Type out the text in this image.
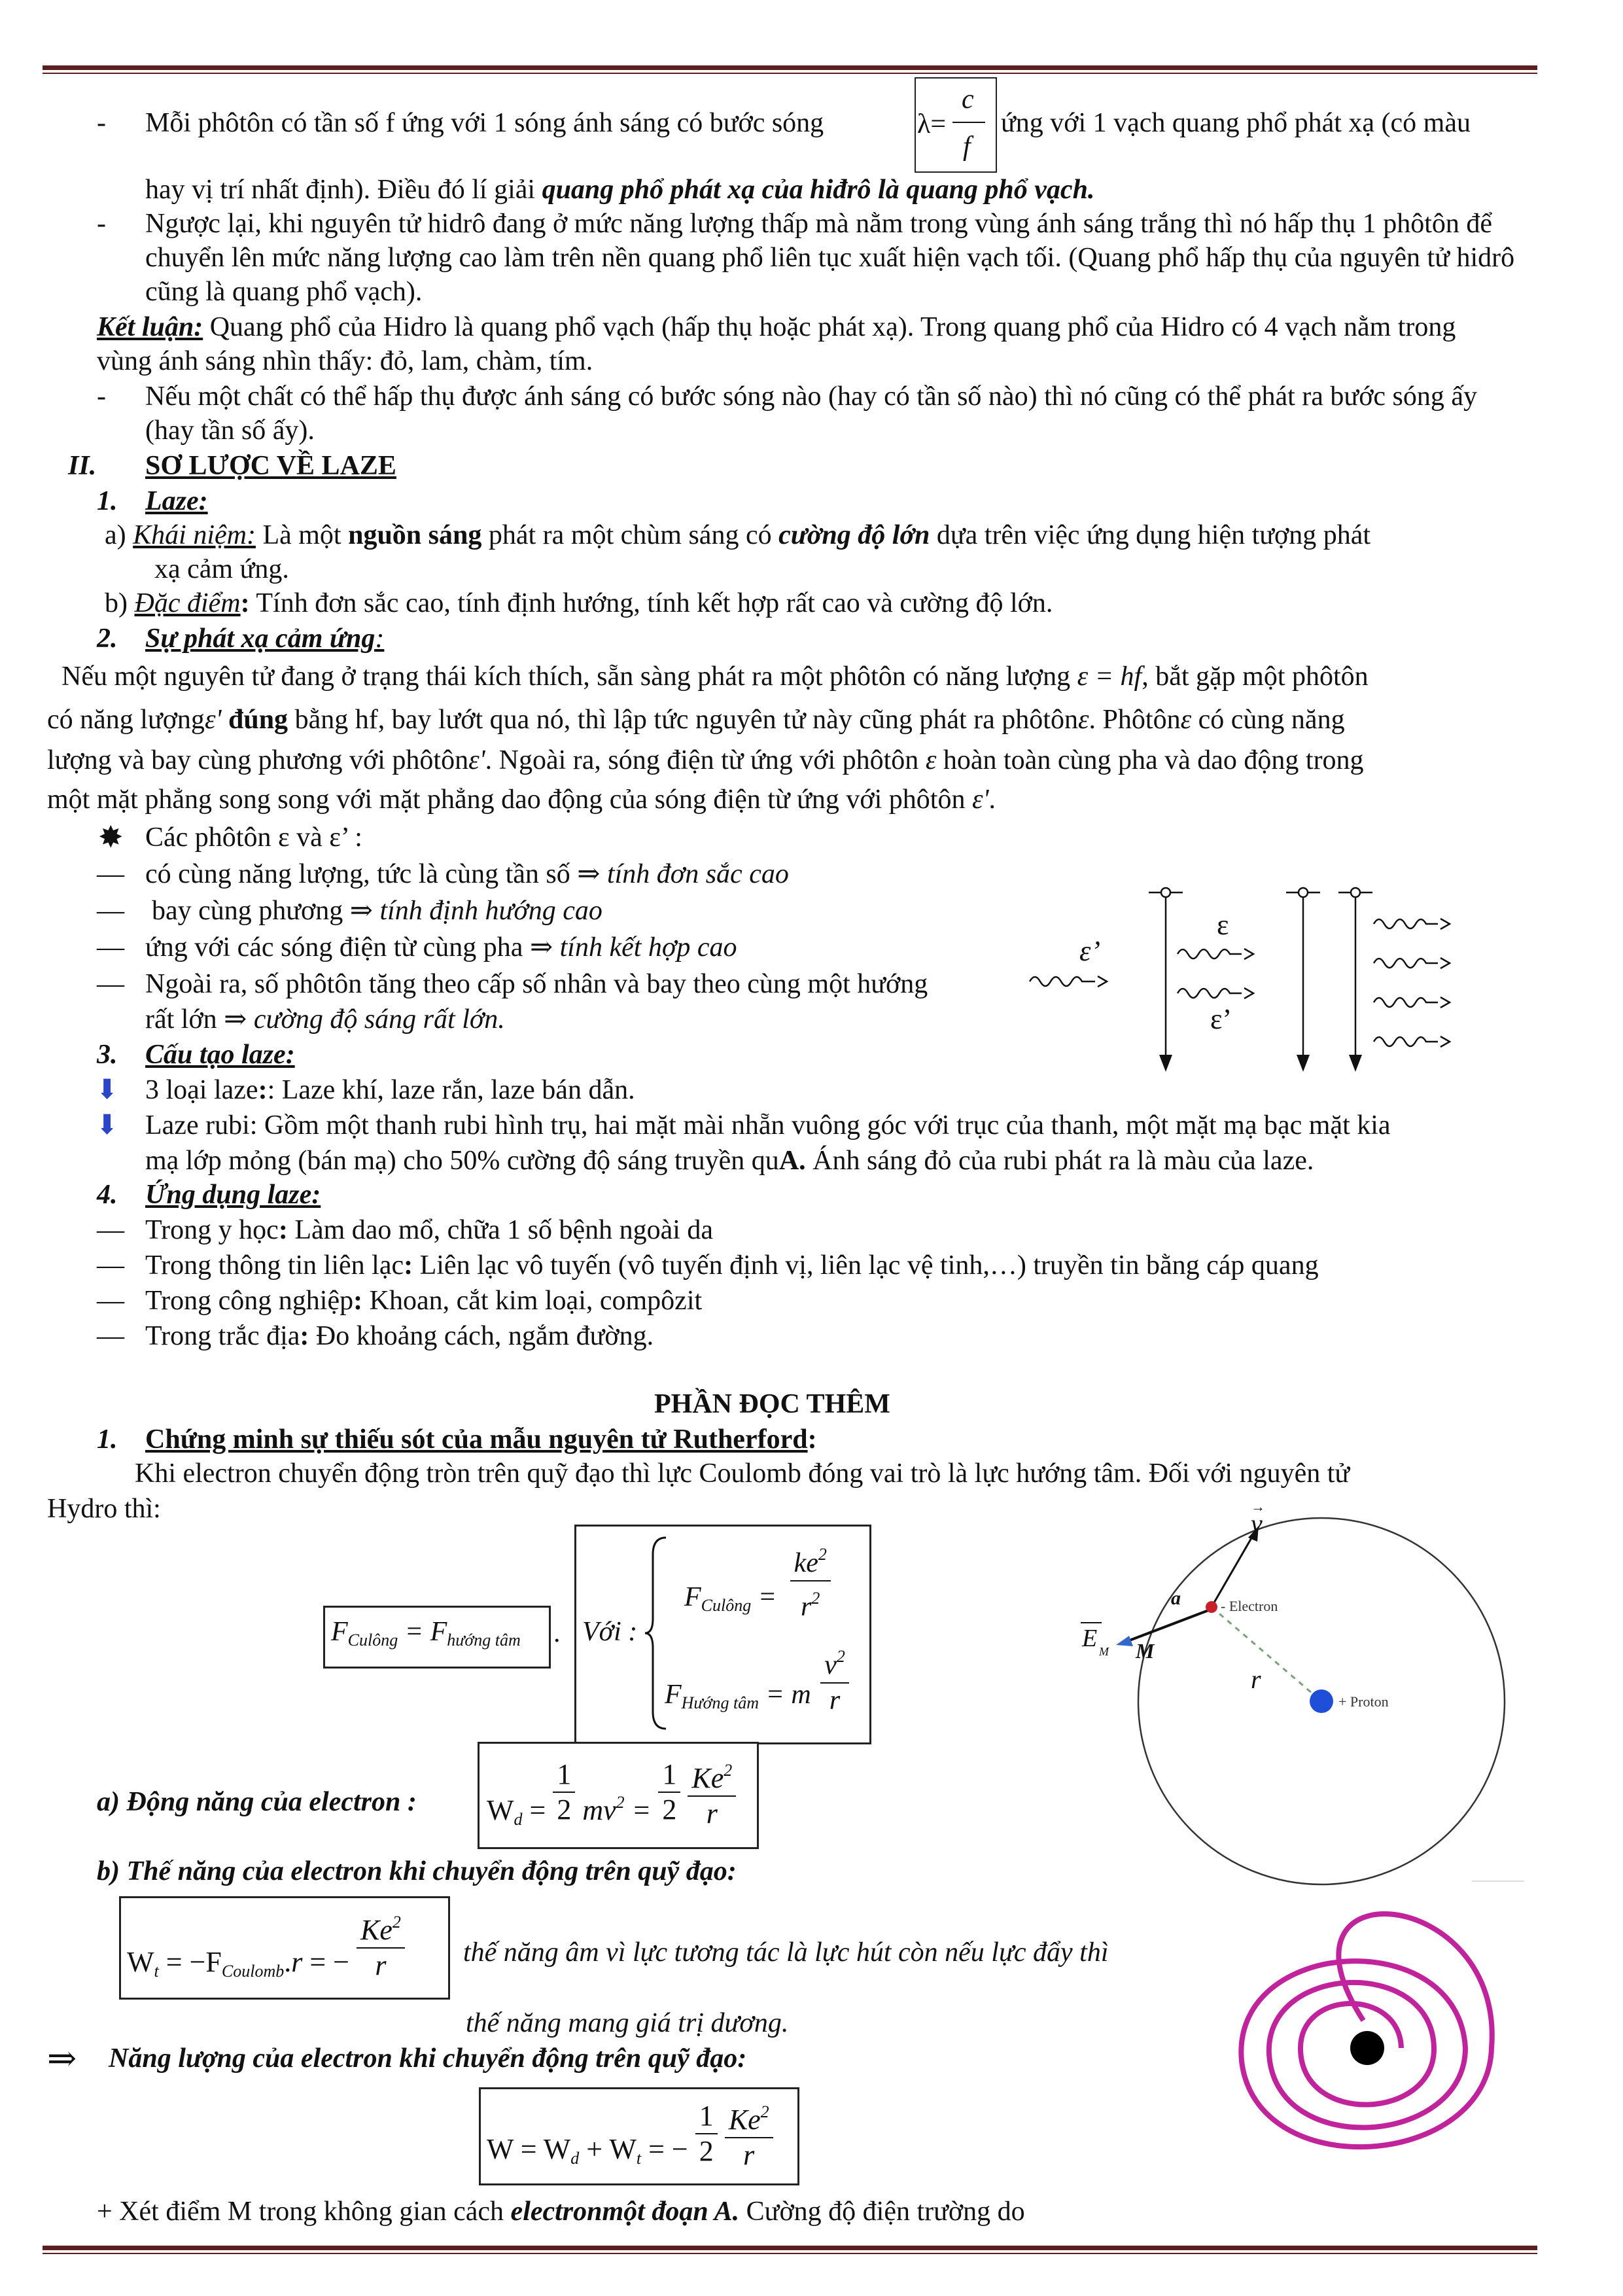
- Mỗi phôtôn có tần số f ứng với 1 sóng ánh sáng có bước sóng	λ=
c
f
ứng với 1 vạch quang phổ phát xạ (có màu
hay vị trí nhất định). Điều đó lí giải quang phổ phát xạ của hiđrô là quang phổ vạch.
- Ngược lại, khi nguyên tử hidrô đang ở mức năng lượng thấp mà nằm trong vùng ánh sáng trắng thì nó hấp thụ 1 phôtôn để chuyển lên mức năng lượng cao làm trên nền quang phổ liên tục xuất hiện vạch tối. (Quang phổ hấp thụ của nguyên tử hidrô cũng là quang phổ vạch).
Kết luận: Quang phổ của Hidro là quang phổ vạch (hấp thụ hoặc phát xạ). Trong quang phổ của Hidro có 4 vạch nằm trong vùng ánh sáng nhìn thấy: đỏ, lam, chàm, tím.
- Nếu một chất có thể hấp thụ được ánh sáng có bước sóng nào (hay có tần số nào) thì nó cũng có thể phát ra bước sóng ấy (hay tần số ấy).
II. SƠ LƯỢC VỀ LAZE
1. Laze:
a) Khái niệm: Là một nguồn sáng phát ra một chùm sáng có cường độ lớn dựa trên việc ứng dụng hiện tượng phát
xạ cảm ứng.
b) Đặc điểm: Tính đơn sắc cao, tính định hướng, tính kết hợp rất cao và cường độ lớn.
2. Sự phát xạ cảm ứng:
Nếu một nguyên tử đang ở trạng thái kích thích, sẵn sàng phát ra một phôtôn có năng lượng ε = hf, bắt gặp một phôtôn
có năng lượngε' đúng bằng hf, bay lướt qua nó, thì lập tức nguyên tử này cũng phát ra phôtônε. Phôtônε có cùng năng
lượng và bay cùng phương với phôtônε'. Ngoài ra, sóng điện từ ứng với phôtôn ε hoàn toàn cùng pha và dao động trong
một mặt phẳng song song với mặt phẳng dao động của sóng điện từ ứng với phôtôn ε'.
✸ Các phôtôn ε và ε’ :
— có cùng năng lượng, tức là cùng tần số ⇒ tính đơn sắc cao
— bay cùng phương ⇒ tính định hướng cao
— ứng với các sóng điện từ cùng pha ⇒ tính kết hợp cao
— Ngoài ra, số phôtôn tăng theo cấp số nhân và bay theo cùng một hướng
rất lớn ⇒ cường độ sáng rất lớn.
ε’
ε
ε’
3. Cấu tạo laze:
⬇ 3 loại laze:: Laze khí, laze rắn, laze bán dẫn.
⬇ Laze rubi: Gồm một thanh rubi hình trụ, hai mặt mài nhẵn vuông góc với trục của thanh, một mặt mạ bạc mặt kia
mạ lớp mỏng (bán mạ) cho 50% cường độ sáng truyền quA. Ánh sáng đỏ của rubi phát ra là màu của laze.
4. Ứng dụng laze:
— Trong y học: Làm dao mổ, chữa 1 số bệnh ngoài da
— Trong thông tin liên lạc: Liên lạc vô tuyến (vô tuyến định vị, liên lạc vệ tinh,…) truyền tin bằng cáp quang
— Trong công nghiệp: Khoan, cắt kim loại, compôzit
— Trong trắc địa: Đo khoảng cách, ngắm đường.
PHẦN ĐỌC THÊM
1. Chứng minh sự thiếu sót của mẫu nguyên tử Rutherford:
Khi electron chuyển động tròn trên quỹ đạo thì lực Coulomb đóng vai trò là lực hướng tâm. Đối với nguyên tử
Hydro thì:
$F_{Culông} = F_{hướng tâm}$ . Với :
$F_{Culông} = \frac{ke^2}{r^2}$
$F_{Hướng tâm} = m \frac{v^2}{r}$
v
→
a	- Electron
E M M
r
+ Proton
a) Động năng của electron : $W_d = \frac{1}{2} mv^2 = \frac{1}{2}$
$\frac{Ke^2}{r}$
b) Thế năng của electron khi chuyển động trên quỹ đạo:
$W_t = -F_{Coulomb}.r$ = − $\frac{Ke^2}{r}$ thế năng âm vì lực tương tác là lực hút còn nếu lực đẩy thì
thế năng mang giá trị dương.
⇒ Năng lượng của electron khi chuyển động trên quỹ đạo:
$W = W_d + W_t$ = − $\frac{1}{2}$
$\frac{Ke^2}{r}$
+ Xét điểm M trong không gian cách electronmột đoạn A. Cường độ điện trường do
